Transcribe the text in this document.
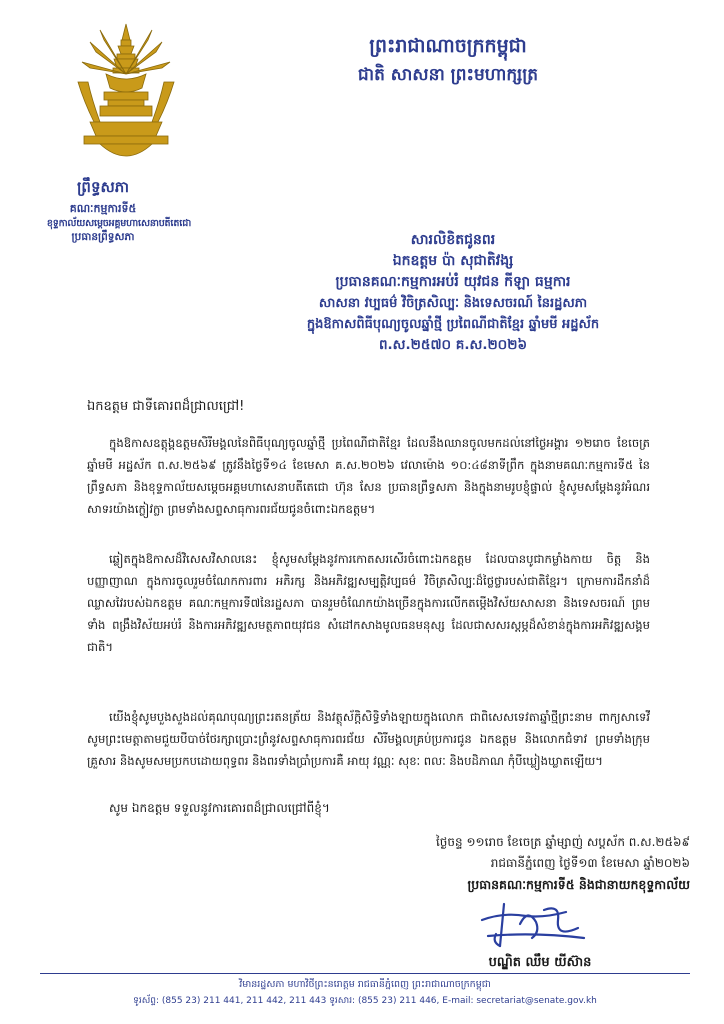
ព្រះរាជាណាចក្រកម្ពុជា
ជាតិ សាសនា ព្រះមហាក្សត្រ
ព្រឹទ្ធសភា
គណៈកម្មការទី៥
ខុទ្ទកាល័យសម្តេចអគ្គមហាសេនាបតីតេជោ
ប្រធានព្រឹទ្ធសភា	សារលិខិតជូនពរ
ឯកឧត្តម ប៉ា សុជាតិវង្ស
ប្រធានគណៈកម្មការអប់រំ យុវជន កីឡា ធម្មការ
សាសនា វប្បធម៌ វិចិត្រសិល្បៈ និងទេសចរណ៍ នៃរដ្ឋសភា
ក្នុងឱកាសពិធីបុណ្យចូលឆ្នាំថ្មី ប្រពៃណីជាតិខ្មែរ ឆ្នាំមមី អដ្ឋស័ក
ព.ស.២៥៧០ គ.ស.២០២៦
ឯកឧត្តម ជាទីគោរពដ៏ជ្រាលជ្រៅ!
ក្នុងឱកាសឧត្តុង្គឧត្តមសិរីមង្គលនៃពិធីបុណ្យចូលឆ្នាំថ្មី ប្រពៃណីជាតិខ្មែរ ដែលនឹងឈានចូលមកដល់នៅថ្ងៃអង្គារ ១២រោច ខែចេត្រ ឆ្នាំមមី អដ្ឋស័ក ព.ស.២៥៦៩ ត្រូវនឹងថ្ងៃទី១៤ ខែមេសា គ.ស.២០២៦ វេលាម៉ោង ១០:៤៨នាទីព្រឹក ក្នុងនាមគណៈកម្មការទី៥ នៃព្រឹទ្ធសភា និងខុទ្ទកាល័យសម្តេចអគ្គមហាសេនាបតីតេជោ ហ៊ុន សែន ប្រធានព្រឹទ្ធសភា និងក្នុងនាមរូបខ្ញុំផ្ទាល់ ខ្ញុំសូមសម្តែងនូវអំណរសាទរយ៉ាងក្លៀវក្លា ព្រមទាំងសព្ទសាធុការពរជ័យជូនចំពោះឯកឧត្តម។
ឆ្លៀតក្នុងឱកាសដ៏វិសេសវិសាលនេះ ខ្ញុំសូមសម្តែងនូវការកោតសរសើរចំពោះឯកឧត្តម ដែលបានបូជាកម្លាំងកាយ ចិត្ត និងបញ្ញាញាណ ក្នុងការចូលរួមចំណែកការពារ អភិរក្ស និងអភិវឌ្ឍសម្បត្តិវប្បធម៌ វិចិត្រសិល្បៈដ៏ថ្លៃថ្លារបស់ជាតិខ្មែរ។ ក្រោមការដឹកនាំដ៏ឈ្លាសវៃរបស់ឯកឧត្តម គណៈកម្មការទី៧នៃរដ្ឋសភា បានរួមចំណែកយ៉ាងច្រើនក្នុងការលើកតម្កើងវិស័យសាសនា និងទេសចរណ៍ ព្រមទាំង ពង្រឹងវិស័យអប់រំ និងការអភិវឌ្ឍសមត្ថភាពយុវជន សំដៅកសាងមូលធនមនុស្ស ដែលជាសសរស្តម្ភដ៏សំខាន់ក្នុងការអភិវឌ្ឍសង្គមជាតិ។
យើងខ្ញុំសូមបួងសួងដល់គុណបុណ្យព្រះរតនត្រ័យ និងវត្ថុស័ក្តិសិទ្ធិទាំងឡាយក្នុងលោក ជាពិសេសទេវតាឆ្នាំថ្មីព្រះនាម ពាក្យសាទេវី សូមព្រះមេត្តាតាមជួយបីបាច់ថែរក្សាប្រោះព្រំនូវសព្ទសាធុការពរជ័យ សិរីមង្គលគ្រប់ប្រការជូន ឯកឧត្តម និងលោកជំទាវ ព្រមទាំងក្រុមគ្រួសារ និងសូមសមប្រកបដោយពុទ្ធពរ និងពរទាំងប្រាំប្រការគឺ អាយុ វណ្ណៈ សុខៈ ពលៈ និងបដិភាណ កុំបីឃ្លៀងឃ្លាតឡើយ។
សូម ឯកឧត្តម ទទួលនូវការគោរពដ៏ជ្រាលជ្រៅពីខ្ញុំ។
ថ្ងៃចន្ទ ១១រោច ខែចេត្រ ឆ្នាំម្សាញ់ សប្តស័ក ព.ស.២៥៦៩
រាជធានីភ្នំពេញ ថ្ងៃទី១៣ ខែមេសា ឆ្នាំ២០២៦
ប្រធានគណៈកម្មការទី៥ និងជានាយកខុទ្ទកាល័យ
បណ្ឌិត ឈឹម យីស៊ាន
វិមានរដ្ឋសភា មហាវិថីព្រះនរោត្តម រាជធានីភ្នំពេញ ព្រះរាជាណាចក្រកម្ពុជា
ទូរស័ព្ទ: (855 23) 211 441, 211 442, 211 443 ទូរសារ: (855 23) 211 446, E-mail: secretariat@senate.gov.kh
